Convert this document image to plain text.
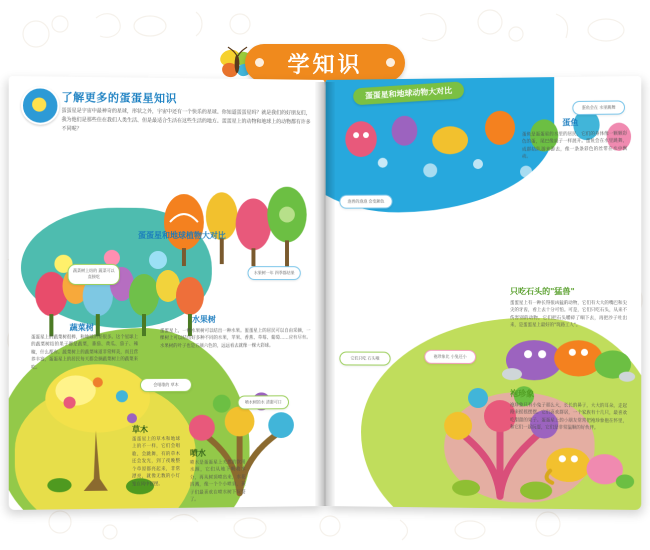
学知识
了解更多的蛋蛋星知识
蛋蛋星是宇宙中最神奇的星球，形状之外，宇宙中还有一个快乐的星球。你知道蛋蛋星吗？就是我们的好朋友们，我为他们是那些住在我们人类生活、但是最适合生活在这些生活的地方。蛋蛋星上的动物和地球上的动物都有许多不同呢？
蛋蛋星和地球植物大对比
蔬菜树
蛋蛋星上的蔬菜树很棒，和地球的差很多。这个星球上的蔬菜树结的果子都是蔬菜，番茄、黄瓜、茄子、辣椒，什么都有。蔬菜树上的蔬菜味道非常鲜美，而且营养丰富，蛋蛋星上的居民每天都会摘蔬菜树上的蔬菜来吃。
水果树
蛋蛋星上，一棵水果树可以结出一种水果。蛋蛋星上的居民可以自由采摘，一棵树上可以结出好多种不同的水果，苹果、香蕉、草莓、葡萄……应有尽有。水果树的叶子也是五颜六色的，远远看去就像一棵大彩球。
草木
蛋蛋星上的草木和地球上的不一样，它们会唱歌、会跳舞，有的草木还会发光，到了夜晚整个草原都亮起来，非常漂亮，就像无数的小灯笼在风中摇摆。
喷水
喷水是蛋蛋星上天然的饮用水源，它们从地下吸收水分，再从树顶喷出来，水花四溅，像一个个小喷泉，孩子们最喜欢在喷水树下玩耍了。
蔬菜树上结的 蔬菜可以直接吃
水果树一年 四季都结果
会唱歌的 草木
喷水树的水 清甜可口
蛋蛋星和地球动物大对比
泡兽
蛋蛋星上的泡兽身体圆圆的，浑身长满了泡泡，走起路来一跳一跳的，十分可爱。它们喜欢生活在水边，吃水草和小鱼。泡兽的泡泡可以变色，高兴的时候是粉红色，生气的时候会变成深蓝色。它们性格温和，是蛋蛋星上孩子们最喜欢的宠物之一。
蛋鱼
蛋鱼是蛋蛋星的水里的居民，它们的身体像一颗颗彩色的蛋，尾巴像扇子一样展开。蛋鱼会在水里跳舞，成群结队游来游去，像一条条彩色的丝带在水中飘动。
只吃石头的"猛兽"
蛋蛋星上有一种长得很凶猛的动物，它们有大大的嘴巴和尖尖的牙齿，看上去十分可怕。可是，它们只吃石头，从来不伤害别的动物。它们把石头嚼碎了咽下去，再把沙子吐出来，是蛋蛋星上最好的"筑路工人"。
袍珍象
袍珍象只有小兔子那么大，长长的鼻子，大大的耳朵，走起路来摇摇摆摆。它们喜欢群居，一个家族有十几只，最喜欢吃甜甜的果子。蛋蛋星上的小朋友常常把袍珍象抱在怀里，和它们一起玩耍，它们是非常温顺的好伙伴。
泡兽的泡泡 会变颜色
蛋鱼会在 水里跳舞
它们只吃 石头哦	袍珍象比 小兔还小
